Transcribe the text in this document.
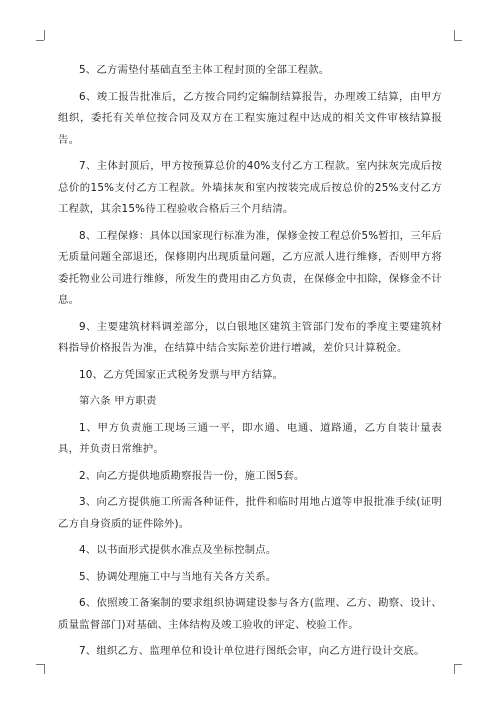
5、乙方需垫付基础直至主体工程封顶的全部工程款。

6、竣工报告批准后，乙方按合同约定编制结算报告，办理竣工结算，由甲方组织，委托有关单位按合同及双方在工程实施过程中达成的相关文件审核结算报告。

7、主体封顶后，甲方按预算总价的40%支付乙方工程款。室内抹灰完成后按总价的15%支付乙方工程款。外墙抹灰和室内按装完成后按总价的25%支付乙方工程款，其余15%待工程验收合格后三个月结清。

8、工程保修：具体以国家现行标准为准，保修金按工程总价5%暂扣，三年后无质量问题全部退还，保修期内出现质量问题，乙方应派人进行维修，否则甲方将委托物业公司进行维修，所发生的费用由乙方负责，在保修金中扣除，保修金不计息。

9、主要建筑材料调差部分，以白银地区建筑主管部门发布的季度主要建筑材料指导价格报告为准，在结算中结合实际差价进行增减，差价只计算税金。

10、乙方凭国家正式税务发票与甲方结算。

第六条 甲方职责

1、甲方负责施工现场三通一平，即水通、电通、道路通，乙方自装计量表具，并负责日常维护。

2、向乙方提供地质勘察报告一份，施工图5套。

3、向乙方提供施工所需各种证件，批件和临时用地占道等申报批准手续(证明乙方自身资质的证件除外)。

4、以书面形式提供水准点及坐标控制点。

5、协调处理施工中与当地有关各方关系。

6、依照竣工备案制的要求组织协调建设参与各方(监理、乙方、勘察、设计、质量监督部门)对基础、主体结构及竣工验收的评定、校验工作。

7、组织乙方、监理单位和设计单位进行图纸会审，向乙方进行设计交底。
